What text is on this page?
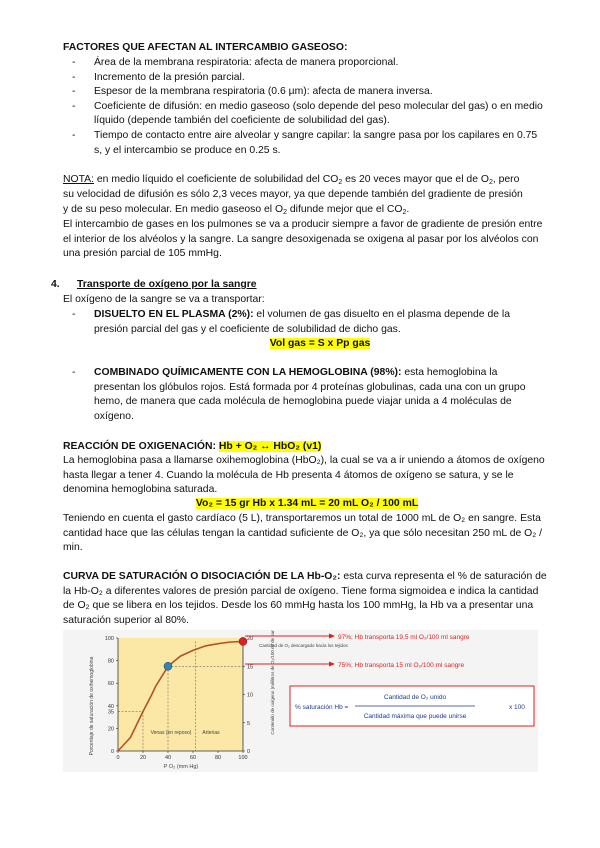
FACTORES QUE AFECTAN AL INTERCAMBIO GASEOSO:
- Área de la membrana respiratoria: afecta de manera proporcional.
- Incremento de la presión parcial.
- Espesor de la membrana respiratoria (0.6 µm): afecta de manera inversa.
- Coeficiente de difusión: en medio gaseoso (solo depende del peso molecular del gas) o en medio líquido (depende también del coeficiente de solubilidad del gas).
- Tiempo de contacto entre aire alveolar y sangre capilar: la sangre pasa por los capilares en 0.75 s, y el intercambio se produce en 0.25 s.
NOTA: en medio líquido el coeficiente de solubilidad del $CO_2$ es 20 veces mayor que el de $O_2$, pero
su velocidad de difusión es sólo 2,3 veces mayor, ya que depende también del gradiente de presión
y de su peso molecular. En medio gaseoso el $O_2$ difunde mejor que el $CO_2$.
El intercambio de gases en los pulmones se va a producir siempre a favor de gradiente de presión entre el interior de los alvéolos y la sangre. La sangre desoxigenada se oxigena al pasar por los alvéolos con una presión parcial de 105 mmHg.
4. Transporte de oxígeno por la sangre
El oxígeno de la sangre se va a transportar:
- DISUELTO EN EL PLASMA (2%): el volumen de gas disuelto en el plasma depende de la presión parcial del gas y el coeficiente de solubilidad de dicho gas.
Vol gas = S x Pp gas
- COMBINADO QUÍMICAMENTE CON LA HEMOGLOBINA (98%): esta hemoglobina la presentan los glóbulos rojos. Está formada por 4 proteínas globulinas, cada una con un grupo hemo, de manera que cada molécula de hemoglobina puede viajar unida a 4 moléculas de oxígeno.
REACCIÓN DE OXIGENACIÓN: Hb + O₂ ↔ HbO₂ (v1)
La hemoglobina pasa a llamarse oxihemoglobina (HbO₂), la cual se va a ir uniendo a átomos de oxígeno hasta llegar a tener 4. Cuando la molécula de Hb presenta 4 átomos de oxígeno se satura, y se le denomina hemoglobina saturada.
Vo₂ = 15 gr Hb x 1.34 mL = 20 mL O₂ / 100 mL
Teniendo en cuenta el gasto cardíaco (5 L), transportaremos un total de 1000 mL de O₂ en sangre. Esta cantidad hace que las células tengan la cantidad suficiente de O₂, ya que sólo necesitan 250 mL de O₂ / min.
CURVA DE SATURACIÓN O DISOCIACIÓN DE LA Hb-O₂: esta curva representa el % de saturación de la Hb-O₂ a diferentes valores de presión parcial de oxígeno. Tiene forma sigmoidea e indica la cantidad de O₂ que se libera en los tejidos. Desde los 60 mmHg hasta los 100 mmHg, la Hb va a presentar una saturación superior al 80%.
0	20	40	60	80	100
0
20
40
60
80
100
0
5
10
15
20
35
Porcentaje de saturación de oxihemoglobina	Contenido de oxígeno (mililitros de O₂/100 ml de sangre)
P O₂ (mm Hg)
Venas (en reposo) Arterias
Cantidad de O₂ descargado hacia los tejidos
97%; Hb transporta 19,5 ml O₂/100 ml sangre
75%; Hb transporta 15 ml O₂/100 ml sangre
% saturación Hb =
Cantidad de O₂ unido
Cantidad máxima que puede unirse
x 100
